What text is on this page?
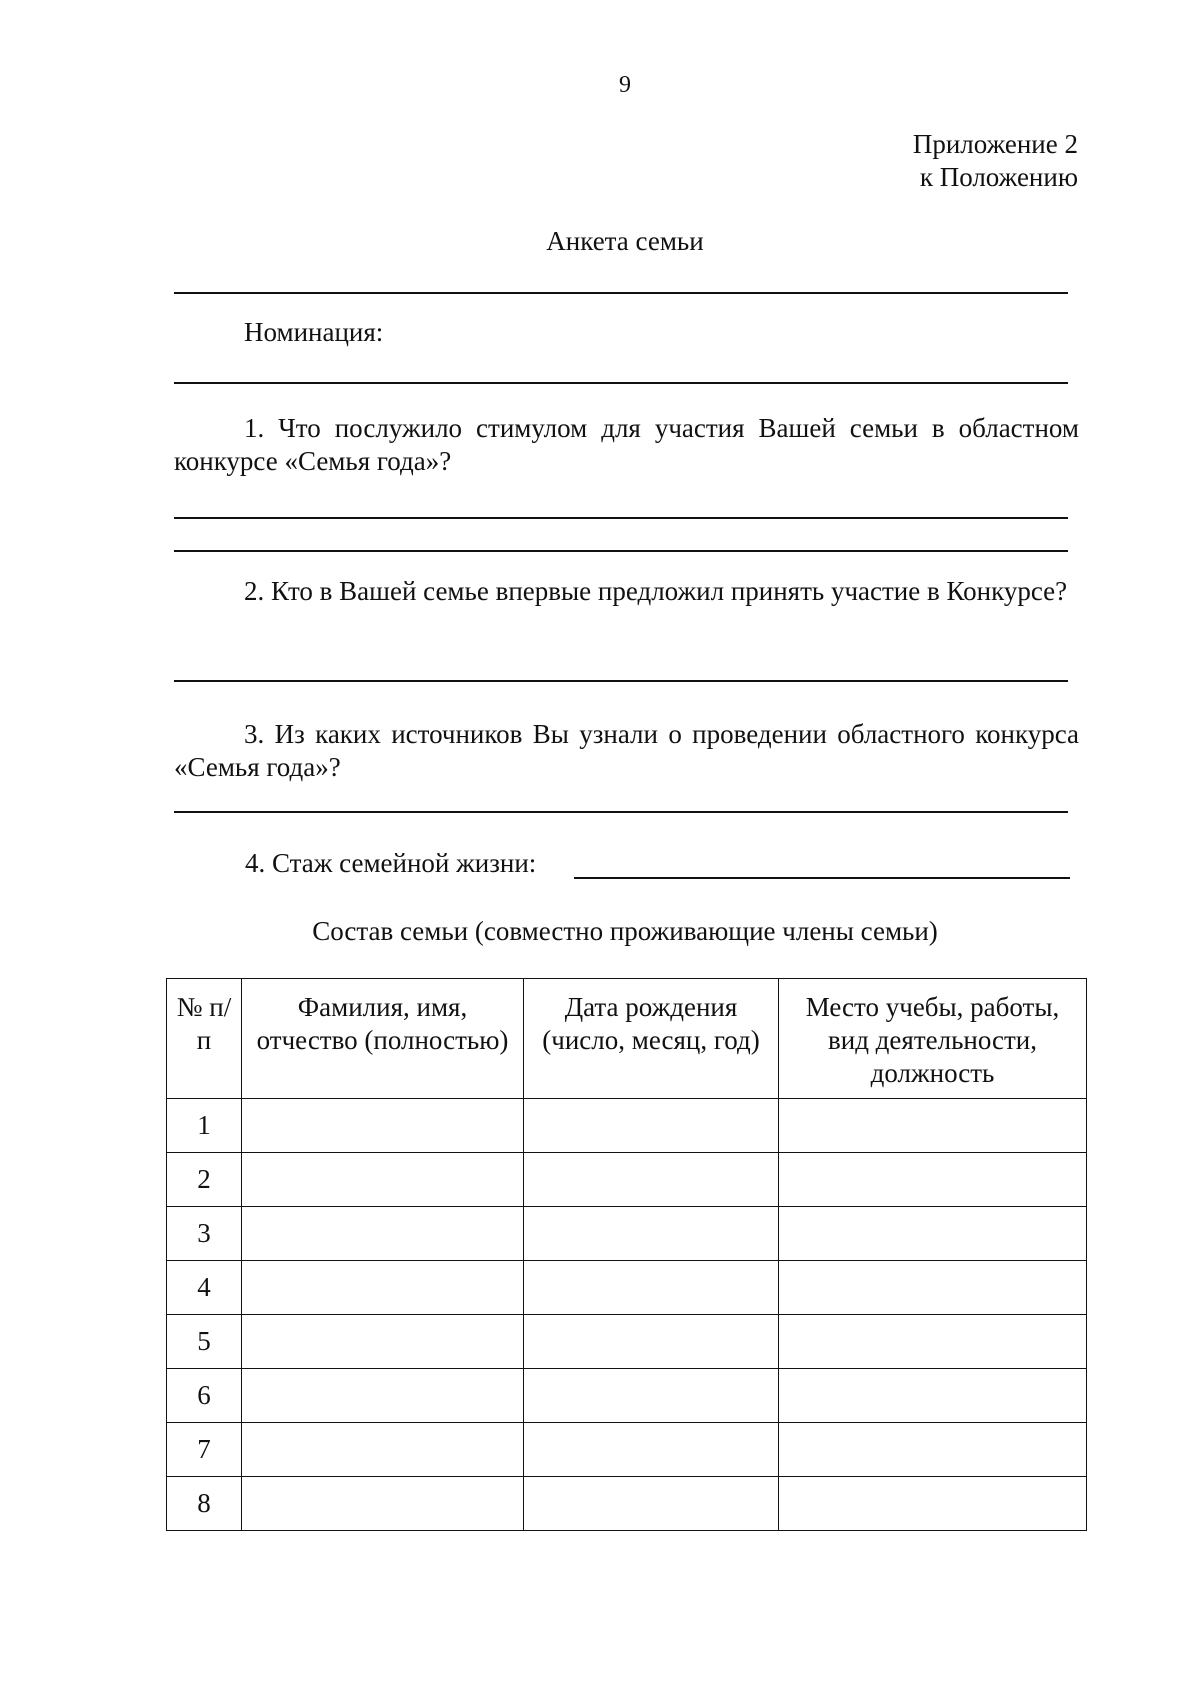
9
Приложение 2
к Положению
Анкета семьи
Номинация:
1. Что послужило стимулом для участия Вашей семьи в областном конкурсе «Семья года»?
2. Кто в Вашей семье впервые предложил принять участие в Конкурсе?
3. Из каких источников Вы узнали о проведении областного конкурса «Семья года»?
4. Стаж семейной жизни:
Состав семьи (совместно проживающие члены семьи)
№ п/п	Фамилия, имя, отчество (полностью)	Дата рождения (число, месяц, год)	Место учебы, работы, вид деятельности, должность
1			
2			
3			
4			
5			
6			
7			
8			
